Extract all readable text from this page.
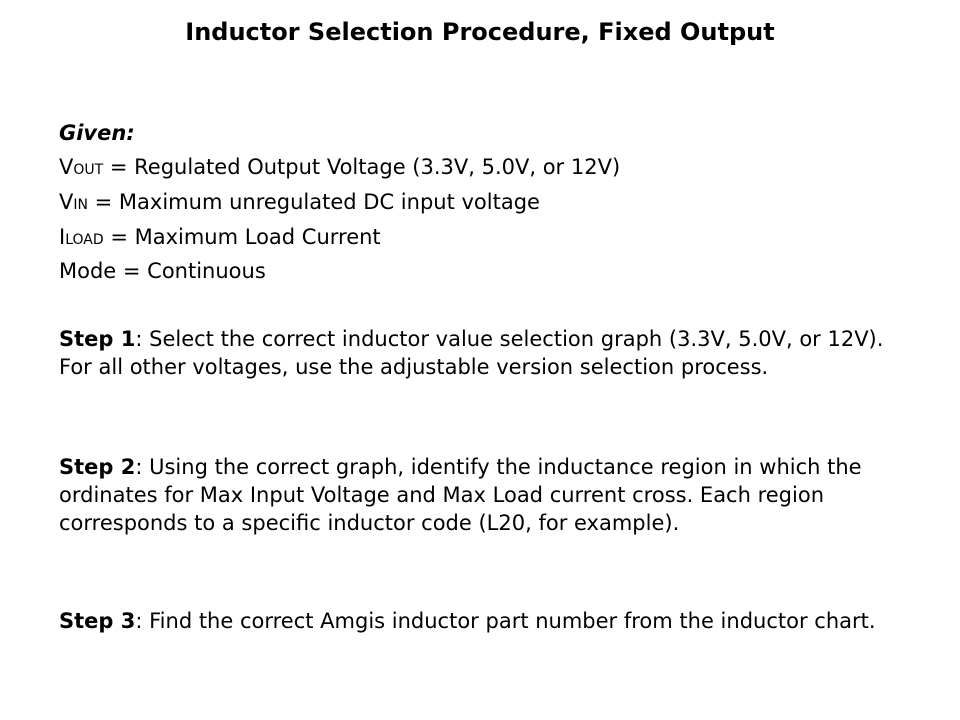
Inductor Selection Procedure, Fixed Output
Given:
VOUT = Regulated Output Voltage (3.3V, 5.0V, or 12V)
VIN = Maximum unregulated DC input voltage
ILOAD = Maximum Load Current
Mode = Continuous
Step 1: Select the correct inductor value selection graph (3.3V, 5.0V, or 12V). For all other voltages, use the adjustable version selection process.
Step 2: Using the correct graph, identify the inductance region in which the ordinates for Max Input Voltage and Max Load current cross. Each region corresponds to a specific inductor code (L20, for example).
Step 3: Find the correct Amgis inductor part number from the inductor chart.
